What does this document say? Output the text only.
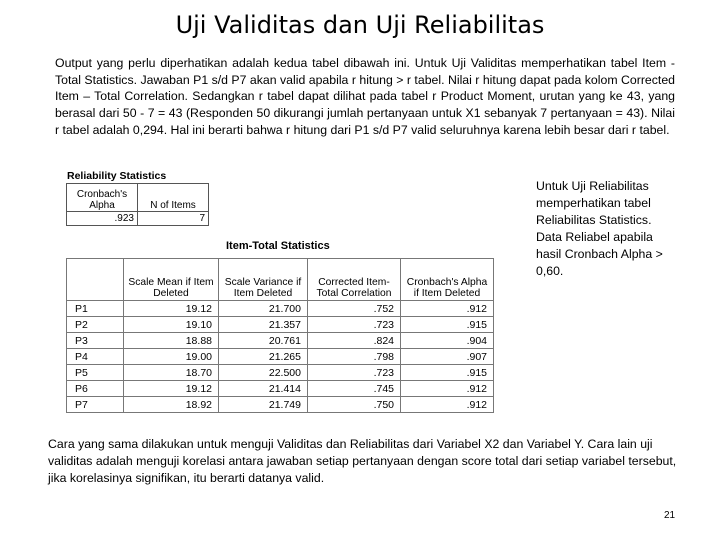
Uji Validitas dan Uji Reliabilitas
Output yang perlu diperhatikan adalah kedua tabel dibawah ini. Untuk Uji Validitas memperhatikan tabel Item - Total Statistics. Jawaban P1 s/d P7 akan valid apabila r hitung > r tabel. Nilai r hitung dapat pada kolom Corrected Item – Total Correlation. Sedangkan r tabel dapat dilihat pada tabel r Product Moment, urutan yang ke 43, yang berasal dari 50 - 7 = 43 (Responden 50 dikurangi jumlah pertanyaan untuk X1 sebanyak 7 pertanyaan = 43). Nilai r tabel adalah 0,294. Hal ini berarti bahwa r hitung dari P1 s/d P7 valid seluruhnya karena lebih besar dari r tabel.
Reliability Statistics
Cronbach's Alpha	N of Items
.923	7
Item-Total Statistics
	Scale Mean if Item Deleted	Scale Variance if Item Deleted	Corrected Item-Total Correlation	Cronbach's Alpha if Item Deleted
P1	19.12	21.700	.752	.912
P2	19.10	21.357	.723	.915
P3	18.88	20.761	.824	.904
P4	19.00	21.265	.798	.907
P5	18.70	22.500	.723	.915
P6	19.12	21.414	.745	.912
P7	18.92	21.749	.750	.912
Untuk Uji Reliabilitas memperhatikan tabel Reliabilitas Statistics. Data Reliabel apabila hasil Cronbach Alpha > 0,60.
Cara yang sama dilakukan untuk menguji Validitas dan Reliabilitas dari Variabel X2 dan Variabel Y. Cara lain uji validitas adalah menguji korelasi antara jawaban setiap pertanyaan dengan score total dari setiap variabel tersebut, jika korelasinya signifikan, itu berarti datanya valid.
21
